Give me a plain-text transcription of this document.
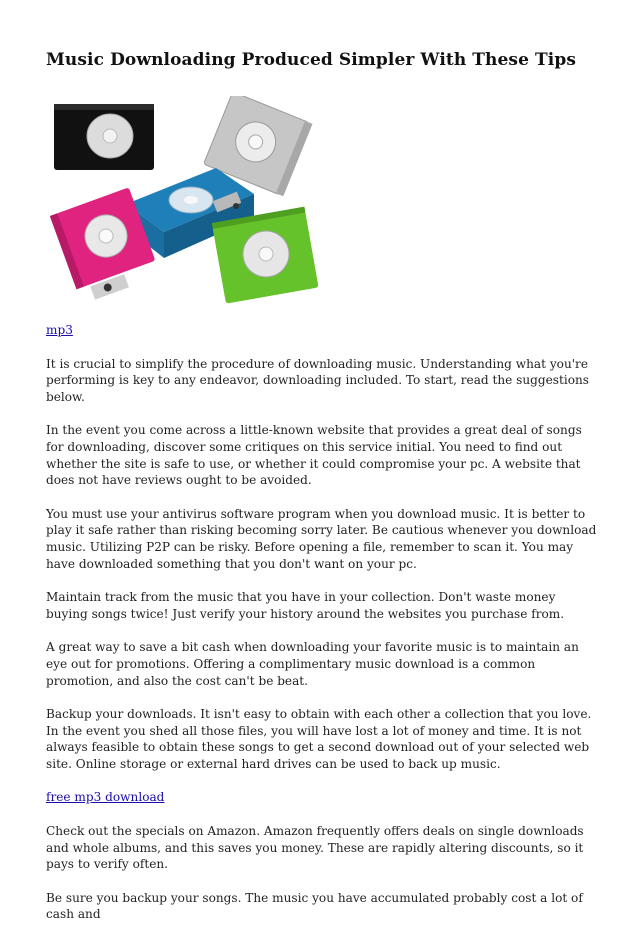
Music Downloading Produced Simpler With These Tips

mp3

It is crucial to simplify the procedure of downloading music. Understanding what you're performing is key to any endeavor, downloading included. To start, read the suggestions below.

In the event you come across a little-known website that provides a great deal of songs for downloading, discover some critiques on this service initial. You need to find out whether the site is safe to use, or whether it could compromise your pc. A website that does not have reviews ought to be avoided.

You must use your antivirus software program when you download music. It is better to play it safe rather than risking becoming sorry later. Be cautious whenever you download music. Utilizing P2P can be risky. Before opening a file, remember to scan it. You may have downloaded something that you don't want on your pc.

Maintain track from the music that you have in your collection. Don't waste money buying songs twice! Just verify your history around the websites you purchase from.

A great way to save a bit cash when downloading your favorite music is to maintain an eye out for promotions. Offering a complimentary music download is a common promotion, and also the cost can't be beat.

Backup your downloads. It isn't easy to obtain with each other a collection that you love. In the event you shed all those files, you will have lost a lot of money and time. It is not always feasible to obtain these songs to get a second download out of your selected web site. Online storage or external hard drives can be used to back up music.

free mp3 download

Check out the specials on Amazon. Amazon frequently offers deals on single downloads and whole albums, and this saves you money. These are rapidly altering discounts, so it pays to verify often.

Be sure you backup your songs. The music you have accumulated probably cost a lot of cash and
